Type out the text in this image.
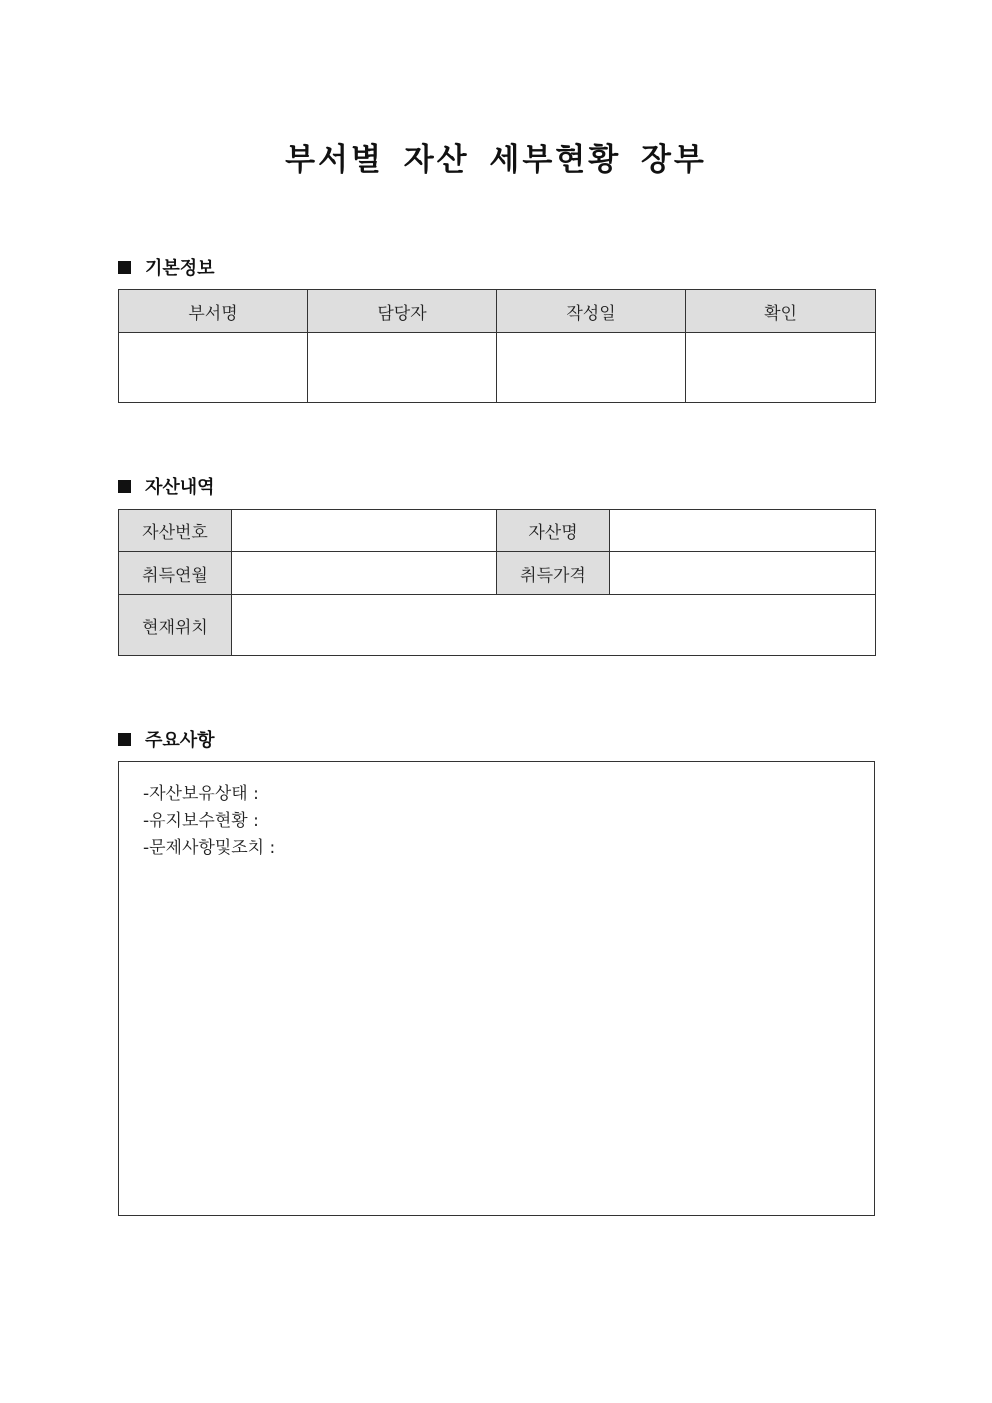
부서별 자산 세부현황 장부
기본정보
부서명	담당자	작성일	확인

자산내역
자산번호		자산명	
취득연월		취득가격	
현재위치			
주요사항
-자산보유상태 :
-유지보수현황 :
-문제사항및조치 :
